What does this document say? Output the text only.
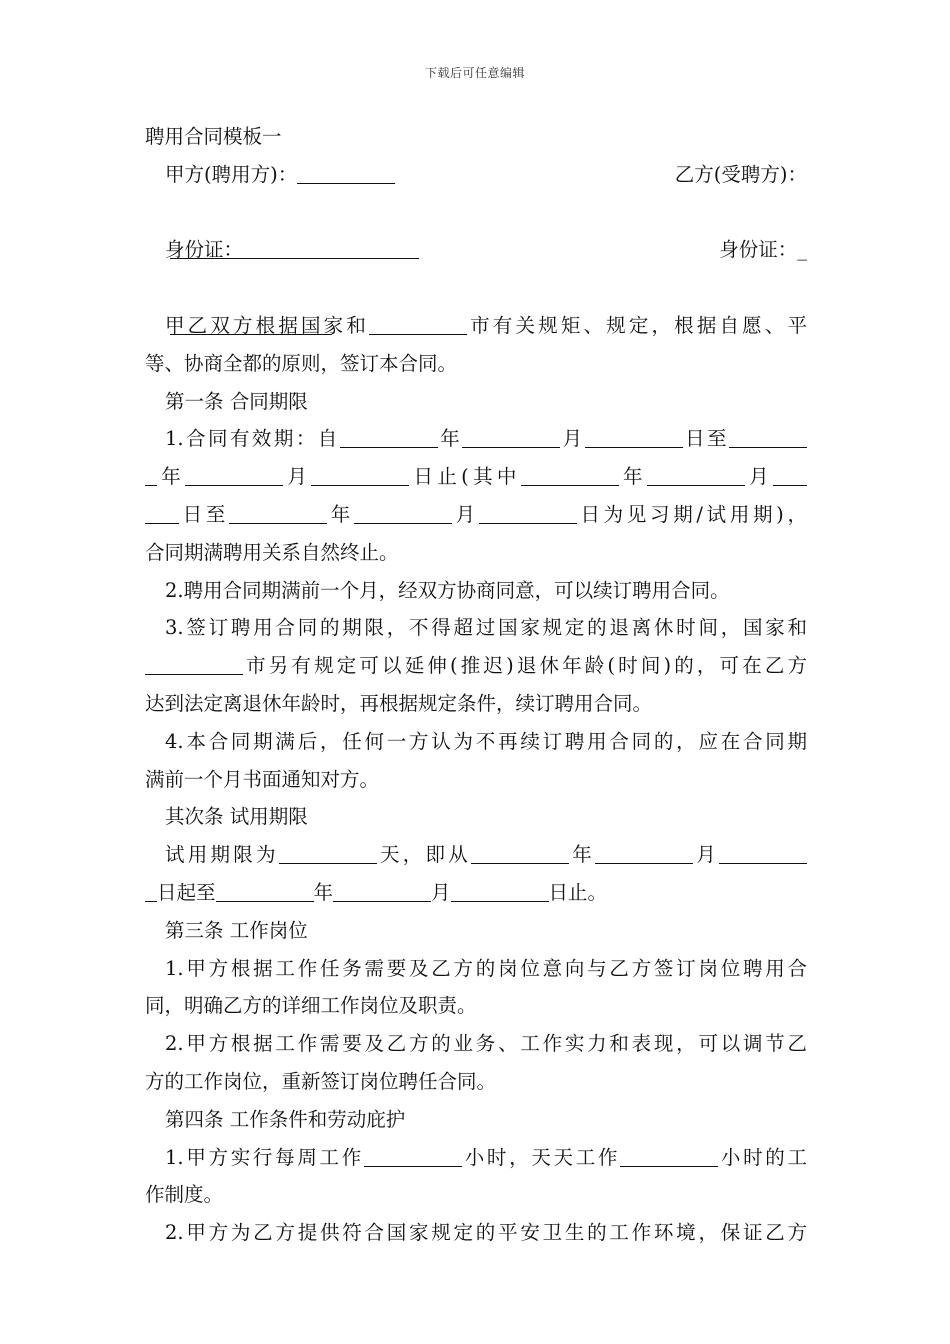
下载后可任意编辑
聘用合同模板一
甲方(聘用方)：	乙方(受聘方)：

身份证：	身份证：_

甲乙双方根据国家和	市有关规矩、规定，根据自愿、平
等、协商全都的原则，签订本合同。
第一条 合同期限
1.合同有效期：自	年	月	日至
年	月	日止(其中	年	月
日至	年	月	日为见习期/试用期)，
合同期满聘用关系自然终止。
2.聘用合同期满前一个月，经双方协商同意，可以续订聘用合同。
3.签订聘用合同的期限，不得超过国家规定的退离休时间，国家和
市另有规定可以延伸(推迟)退休年龄(时间)的，可在乙方
达到法定离退休年龄时，再根据规定条件，续订聘用合同。
4.本合同期满后，任何一方认为不再续订聘用合同的，应在合同期
满前一个月书面通知对方。
其次条 试用期限
试用期限为	天，即从	年	月
日起至	年	月	日止。
第三条 工作岗位
1.甲方根据工作任务需要及乙方的岗位意向与乙方签订岗位聘用合
同，明确乙方的详细工作岗位及职责。
2.甲方根据工作需要及乙方的业务、工作实力和表现，可以调节乙
方的工作岗位，重新签订岗位聘任合同。
第四条 工作条件和劳动庇护
1.甲方实行每周工作	小时，天天工作	小时的工
作制度。
2.甲方为乙方提供符合国家规定的平安卫生的工作环境，保证乙方
